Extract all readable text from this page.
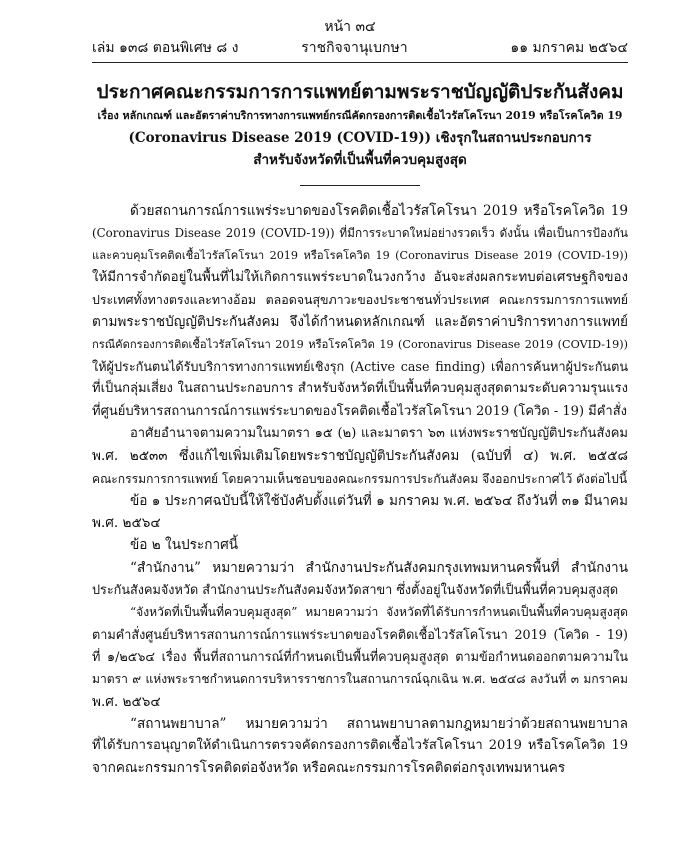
หน้า ๓๔
เล่ม ๑๓๘ ตอนพิเศษ ๘ ง	ราชกิจจานุเบกษา	๑๑ มกราคม ๒๕๖๔
ประกาศคณะกรรมการการแพทย์ตามพระราชบัญญัติประกันสังคม
เรื่อง หลักเกณฑ์ และอัตราค่าบริการทางการแพทย์กรณีคัดกรองการติดเชื้อไวรัสโคโรนา 2019 หรือโรคโควิด 19
(Coronavirus Disease 2019 (COVID-19)) เชิงรุกในสถานประกอบการ
สำหรับจังหวัดที่เป็นพื้นที่ควบคุมสูงสุด

ด้วยสถานการณ์การแพร่ระบาดของโรคติดเชื้อไวรัสโคโรนา 2019 หรือโรคโควิด 19
(Coronavirus Disease 2019 (COVID-19)) ที่มีการระบาดใหม่อย่างรวดเร็ว ดังนั้น เพื่อเป็นการป้องกัน
และควบคุมโรคติดเชื้อไวรัสโคโรนา 2019 หรือโรคโควิด 19 (Coronavirus Disease 2019 (COVID-19))
ให้มีการจำกัดอยู่ในพื้นที่ไม่ให้เกิดการแพร่ระบาดในวงกว้าง อันจะส่งผลกระทบต่อเศรษฐกิจของ
ประเทศทั้งทางตรงและทางอ้อม ตลอดจนสุขภาวะของประชาชนทั่วประเทศ คณะกรรมการการแพทย์
ตามพระราชบัญญัติประกันสังคม จึงได้กำหนดหลักเกณฑ์ และอัตราค่าบริการทางการแพทย์
กรณีคัดกรองการติดเชื้อไวรัสโคโรนา 2019 หรือโรคโควิด 19 (Coronavirus Disease 2019 (COVID-19))
ให้ผู้ประกันตนได้รับบริการทางการแพทย์เชิงรุก (Active case finding) เพื่อการค้นหาผู้ประกันตน
ที่เป็นกลุ่มเสี่ยง ในสถานประกอบการ สำหรับจังหวัดที่เป็นพื้นที่ควบคุมสูงสุดตามระดับความรุนแรง
ที่ศูนย์บริหารสถานการณ์การแพร่ระบาดของโรคติดเชื้อไวรัสโคโรนา 2019 (โควิด - 19) มีคำสั่ง

อาศัยอำนาจตามความในมาตรา ๑๕ (๒) และมาตรา ๖๓ แห่งพระราชบัญญัติประกันสังคม
พ.ศ. ๒๕๓๓ ซึ่งแก้ไขเพิ่มเติมโดยพระราชบัญญัติประกันสังคม (ฉบับที่ ๔) พ.ศ. ๒๕๕๘
คณะกรรมการการแพทย์ โดยความเห็นชอบของคณะกรรมการประกันสังคม จึงออกประกาศไว้ ดังต่อไปนี้

ข้อ ๑ ประกาศฉบับนี้ให้ใช้บังคับตั้งแต่วันที่ ๑ มกราคม พ.ศ. ๒๕๖๔ ถึงวันที่ ๓๑ มีนาคม
พ.ศ. ๒๕๖๔

ข้อ ๒ ในประกาศนี้

“สำนักงาน” หมายความว่า สำนักงานประกันสังคมกรุงเทพมหานครพื้นที่ สำนักงาน
ประกันสังคมจังหวัด สำนักงานประกันสังคมจังหวัดสาขา ซึ่งตั้งอยู่ในจังหวัดที่เป็นพื้นที่ควบคุมสูงสุด

“จังหวัดที่เป็นพื้นที่ควบคุมสูงสุด” หมายความว่า จังหวัดที่ได้รับการกำหนดเป็นพื้นที่ควบคุมสูงสุด
ตามคำสั่งศูนย์บริหารสถานการณ์การแพร่ระบาดของโรคติดเชื้อไวรัสโคโรนา 2019 (โควิด - 19)
ที่ ๑/๒๕๖๔ เรื่อง พื้นที่สถานการณ์ที่กำหนดเป็นพื้นที่ควบคุมสูงสุด ตามข้อกำหนดออกตามความใน
มาตรา ๙ แห่งพระราชกำหนดการบริหารราชการในสถานการณ์ฉุกเฉิน พ.ศ. ๒๕๔๘ ลงวันที่ ๓ มกราคม
พ.ศ. ๒๕๖๔

“สถานพยาบาล” หมายความว่า สถานพยาบาลตามกฎหมายว่าด้วยสถานพยาบาล
ที่ได้รับการอนุญาตให้ดำเนินการตรวจคัดกรองการติดเชื้อไวรัสโคโรนา 2019 หรือโรคโควิด 19
จากคณะกรรมการโรคติดต่อจังหวัด หรือคณะกรรมการโรคติดต่อกรุงเทพมหานคร
